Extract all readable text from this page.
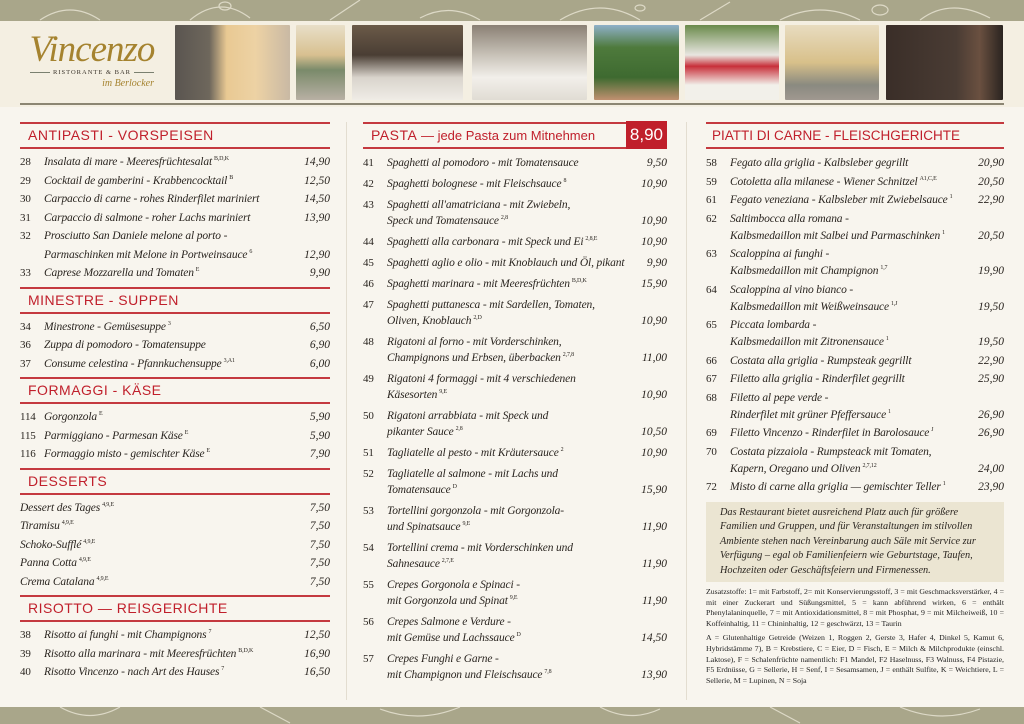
Vincenzo
RISTORANTE & BAR
im Berlocker
ANTIPASTI - VORSPEISEN
28	Insalata di mare - Meeresfrüchtesalat $^{B,D,K}$	14,90
29	Cocktail de gamberini - Krabbencocktail $^B$	12,50
30	Carpaccio di carne - rohes Rinderfilet mariniert	14,50
31	Carpaccio di salmone - roher Lachs mariniert	13,90
32	Prosciutto San Daniele melone al porto -
Parmaschinken mit Melone in Portweinsauce $^6$	12,90
33	Caprese Mozzarella und Tomaten $^E$	9,90
MINESTRE - SUPPEN
34	Minestrone - Gemüsesuppe $^3$	6,50
36	Zuppa di pomodoro - Tomatensuppe	6,90
37	Consume celestina - Pfannkuchensuppe $^{3,A1}$	6,00
FORMAGGI - KÄSE
114 Gorgonzola $^E$	5,90
115 Parmiggiano - Parmesan Käse $^E$	5,90
116 Formaggio misto - gemischter Käse $^E$	7,90
DESSERTS
Dessert des Tages $^{4,9,E}$	7,50
Tiramisu $^{4,9,E}$	7,50
Schoko-Sufflé $^{4,9,E}$	7,50
Panna Cotta $^{4,9,E}$	7,50
Crema Catalana $^{4,9,E}$	7,50
RISOTTO — REISGERICHTE
38	Risotto ai funghi - mit Champignons $^7$	12,50
39	Risotto alla marinara - mit Meeresfrüchten $^{B,D,K}$	16,90
40	Risotto Vincenzo - nach Art des Hauses $^7$	16,50
PASTA — jede Pasta zum Mitnehmen 8,90
41	Spaghetti al pomodoro - mit Tomatensauce	9,50
42	Spaghetti bolognese - mit Fleischsauce $^8$	10,90
43	Spaghetti all'amatriciana - mit Zwiebeln,
Speck und Tomatensauce $^{2,8}$	10,90
44	Spaghetti alla carbonara - mit Speck und Ei $^{2,8,E}$	10,90
45	Spaghetti aglio e olio - mit Knoblauch und Öl, pikant	9,90
46	Spaghetti marinara - mit Meeresfrüchten $^{B,D,K}$	15,90
47	Spaghetti puttanesca - mit Sardellen, Tomaten,
Oliven, Knoblauch $^{2,D}$	10,90
48	Rigatoni al forno - mit Vorderschinken,
Champignons und Erbsen, überbacken $^{2,7,8}$	11,00
49	Rigatoni 4 formaggi - mit 4 verschiedenen
Käsesorten $^{9,E}$	10,90
50	Rigatoni arrabbiata - mit Speck und
pikanter Sauce $^{2,8}$	10,50
51	Tagliatelle al pesto - mit Kräutersauce $^2$	10,90
52	Tagliatelle al salmone - mit Lachs und
Tomatensauce $^D$	15,90
53	Tortellini gorgonzola - mit Gorgonzola-
und Spinatsauce $^{9,E}$	11,90
54	Tortellini crema - mit Vorderschinken und
Sahnesauce $^{2,7,E}$	11,90
55	Crepes Gorgonola e Spinaci -
mit Gorgonzola und Spinat $^{9,E}$	11,90
56	Crepes Salmone e Verdure -
mit Gemüse und Lachssauce $^D$	14,50
57	Crepes Funghi e Garne -
mit Champignon und Fleischsauce $^{7,8}$	13,90
PIATTI DI CARNE - FLEISCHGERICHTE
58	Fegato alla griglia - Kalbsleber gegrillt	20,90
59	Cotoletta alla milanese - Wiener Schnitzel $^{A1,C,E}$	20,50
61	Fegato veneziana - Kalbsleber mit Zwiebelsauce $^1$	22,90
62	Saltimbocca alla romana -
Kalbsmedaillon mit Salbei und Parmaschinken $^1$	20,50
63	Scaloppina ai funghi -
Kalbsmedaillon mit Champignon $^{1,7}$	19,90
64	Scaloppina al vino bianco -
Kalbsmedaillon mit Weißweinsauce $^{1,J}$	19,50
65	Piccata lombarda -
Kalbsmedaillon mit Zitronensauce $^1$	19,50
66	Costata alla griglia - Rumpsteak gegrillt	22,90
67	Filetto alla griglia - Rinderfilet gegrillt	25,90
68	Filetto al pepe verde -
Rinderfilet mit grüner Pfeffersauce $^1$	26,90
69	Filetto Vincenzo - Rinderfilet in Barolosauce $^J$	26,90
70	Costata pizzaiola - Rumpsteack mit Tomaten,
Kapern, Oregano und Oliven $^{2,7,12}$	24,00
72	Misto di carne alla griglia — gemischter Teller $^1$	23,90
Das Restaurant bietet ausreichend Platz auch für größere Familien und Gruppen, und für Veranstaltungen im stilvollen Ambiente stehen nach Vereinbarung auch Säle mit Service zur Verfügung – egal ob Familienfeiern wie Geburtstage, Taufen, Hochzeiten oder Geschäftsfeiern und Firmenessen.

Zusatzstoffe: 1= mit Farbstoff, 2= mit Konservierungsstoff, 3 = mit Geschmacksverstärker, 4 = mit einer Zuckerart und Süßungsmittel, 5 = kann abführend wirken, 6 = enthält Phenylalaninquelle, 7 = mit Antioxidationsmittel, 8 = mit Phosphat, 9 = mit Milcheiweiß, 10 = Koffeinhaltig, 11 = Chininhaltig, 12 = geschwärzt, 13 = Taurin

A = Glutenhaltige Getreide (Weizen 1, Roggen 2, Gerste 3, Hafer 4, Dinkel 5, Kamut 6, Hybridstämme 7), B = Krebstiere, C = Eier, D = Fisch, E = Milch & Milchprodukte (einschl. Laktose), F = Schalenfrüchte namentlich: F1 Mandel, F2 Haselnuss, F3 Walnuss, F4 Pistazie, F5 Erdnüsse, G = Sellerie, H = Senf, I = Sesamsamen, J = enthält Sulfite, K = Weichtiere, L = Sellerie, M = Lupinen, N = Soja
